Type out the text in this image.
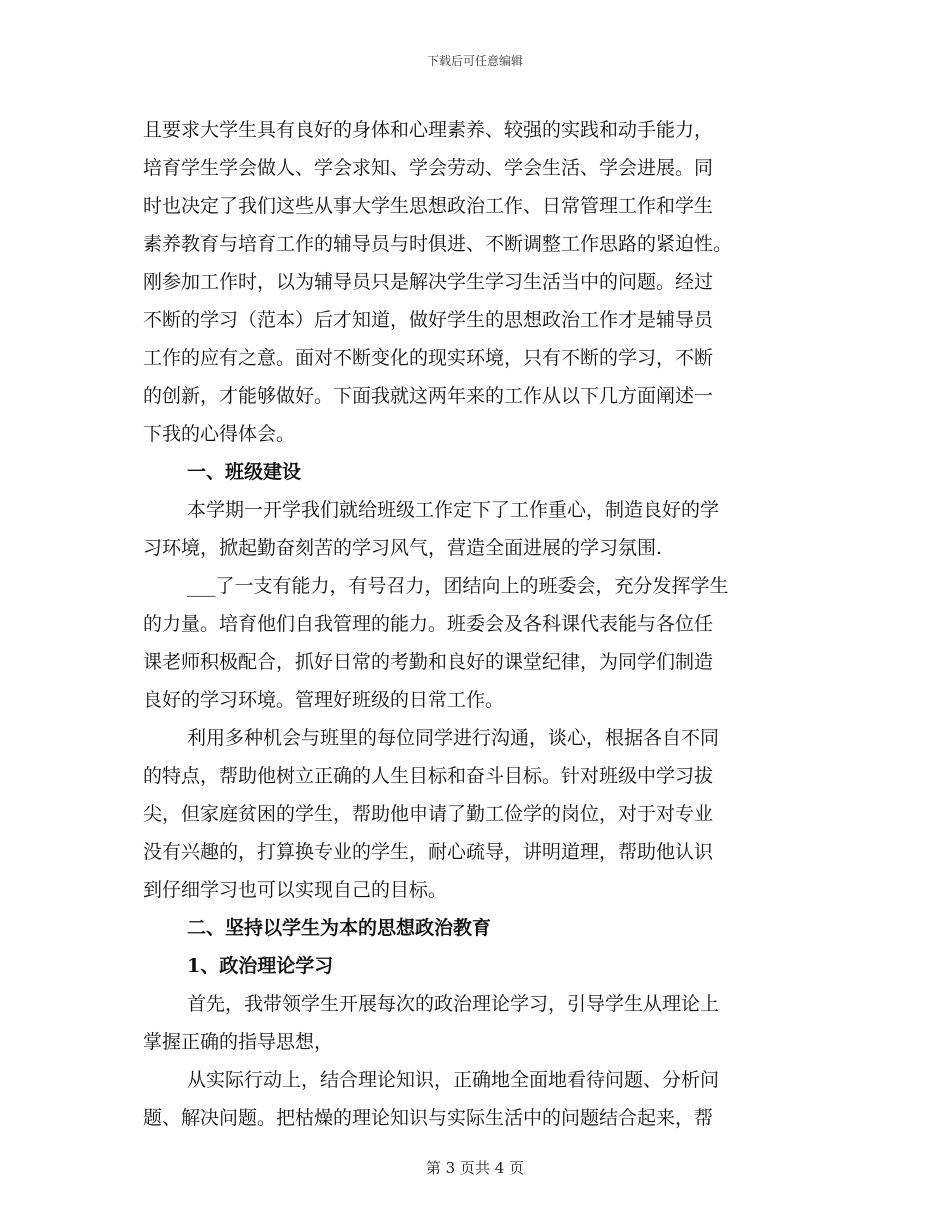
下载后可任意编辑
且要求大学生具有良好的身体和心理素养、较强的实践和动手能力，
培育学生学会做人、学会求知、学会劳动、学会生活、学会进展。同
时也决定了我们这些从事大学生思想政治工作、日常管理工作和学生
素养教育与培育工作的辅导员与时俱进、不断调整工作思路的紧迫性。
刚参加工作时，以为辅导员只是解决学生学习生活当中的问题。经过
不断的学习（范本）后才知道，做好学生的思想政治工作才是辅导员
工作的应有之意。面对不断变化的现实环境，只有不断的学习，不断
的创新，才能够做好。下面我就这两年来的工作从以下几方面阐述一
下我的心得体会。
一、班级建设
本学期一开学我们就给班级工作定下了工作重心，制造良好的学
习环境，掀起勤奋刻苦的学习风气，营造全面进展的学习氛围.
___了一支有能力，有号召力，团结向上的班委会，充分发挥学生
的力量。培育他们自我管理的能力。班委会及各科课代表能与各位任
课老师积极配合，抓好日常的考勤和良好的课堂纪律，为同学们制造
良好的学习环境。管理好班级的日常工作。
利用多种机会与班里的每位同学进行沟通，谈心，根据各自不同
的特点，帮助他树立正确的人生目标和奋斗目标。针对班级中学习拔
尖，但家庭贫困的学生，帮助他申请了勤工俭学的岗位，对于对专业
没有兴趣的，打算换专业的学生，耐心疏导，讲明道理，帮助他认识
到仔细学习也可以实现自己的目标。
二、坚持以学生为本的思想政治教育
1、政治理论学习
首先，我带领学生开展每次的政治理论学习，引导学生从理论上
掌握正确的指导思想，
从实际行动上，结合理论知识，正确地全面地看待问题、分析问
题、解决问题。把枯燥的理论知识与实际生活中的问题结合起来，帮
第 3 页共 4 页
